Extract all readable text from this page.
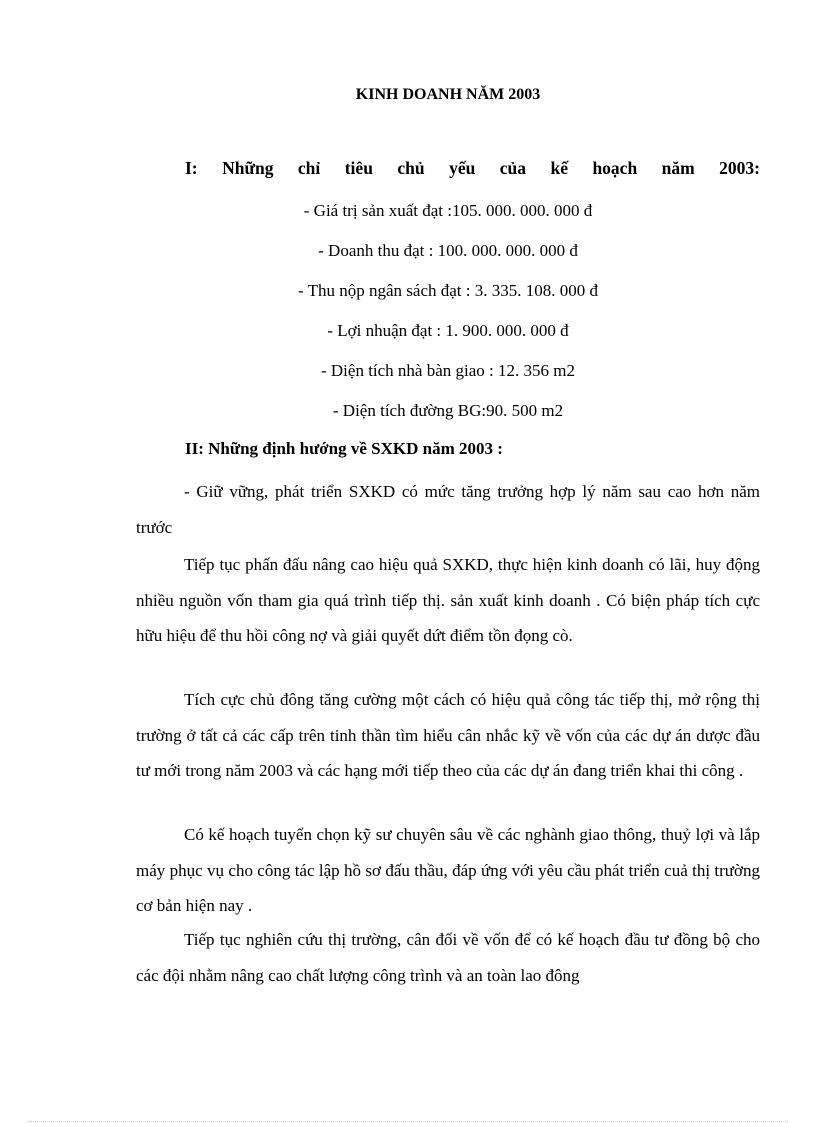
KINH DOANH NĂM 2003
I: Những chỉ tiêu chủ yếu của kế hoạch năm 2003:
- Giá trị sản xuất đạt :105. 000. 000. 000 đ
- Doanh thu đạt : 100. 000. 000. 000 đ
- Thu nộp ngân sách đạt : 3. 335. 108. 000 đ
- Lợi nhuận đạt : 1. 900. 000. 000 đ
- Diện tích nhà bàn giao : 12. 356 m2
- Diện tích đường BG:90. 500 m2
II: Những định hướng về SXKD năm 2003 :

- Giữ vững, phát triển SXKD có mức tăng trưởng hợp lý năm sau cao hơn năm trước

Tiếp tục phấn đấu nâng cao hiệu quả SXKD, thực hiện kinh doanh có lãi, huy động nhiều nguồn vốn tham gia quá trình tiếp thị. sản xuất kinh doanh . Có biện pháp tích cực hữu hiệu để thu hồi công nợ và giải quyết dứt điểm tồn đọng cò.

Tích cực chủ đông tăng cường một cách có hiệu quả công tác tiếp thị, mở rộng thị trường ở tất cả các cấp trên tinh thần tìm hiểu cân nhắc kỹ về vốn của các dự án dược đầu tư mới trong năm 2003 và các hạng mới tiếp theo của các dự án đang triển khai thi công .

Có kế hoạch tuyển chọn kỹ sư chuyên sâu về các nghành giao thông, thuỷ lợi và lắp máy phục vụ cho công tác lập hồ sơ đấu thầu, đáp ứng với yêu cầu phát triển cuả thị trường cơ bản hiện nay .

Tiếp tục nghiên cứu thị trường, cân đối về vốn để có kế hoạch đầu tư đồng bộ cho các đội nhằm nâng cao chất lượng công trình và an toàn lao đông
